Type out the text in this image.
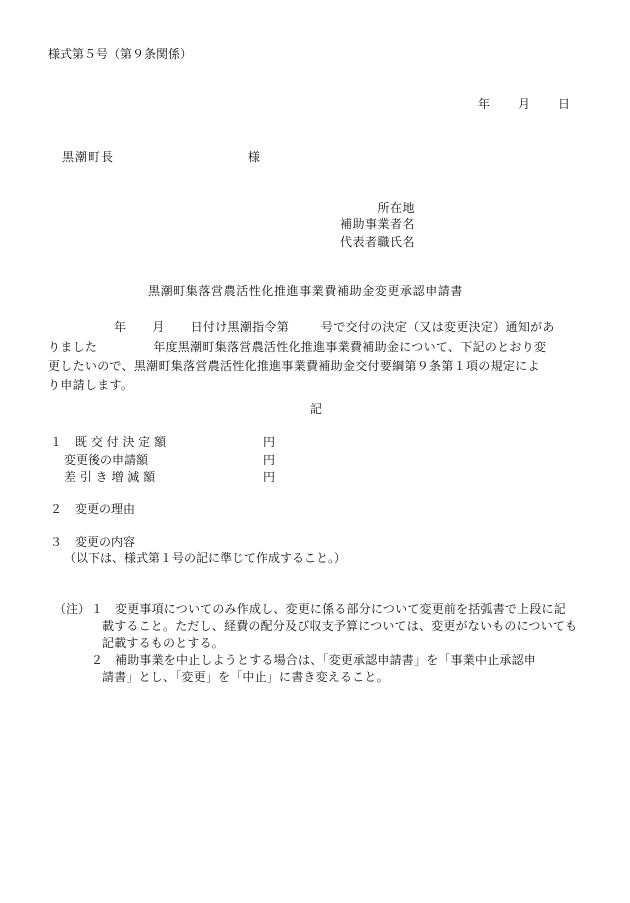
様式第５号（第９条関係）
年 月 日
黒潮町長	様
所在地
補助事業者名
代表者職氏名
黒潮町集落営農活性化推進事業費補助金変更承認申請書
年 月 日付け黒潮指令第	号で交付の決定（又は変更決定）通知があ
りました	年度黒潮町集落営農活性化推進事業費補助金について、下記のとおり変
更したいので、黒潮町集落営農活性化推進事業費補助金交付要綱第９条第１項の規定によ
り申請します。
記
１ 既 交 付 決 定 額	円
変更後の申請額	円
差 引 き 増 減 額	円
２ 変更の理由
３ 変更の内容
（以下は、様式第１号の記に準じて作成すること。）
（注） １ 変更事項についてのみ作成し、変更に係る部分について変更前を括弧書で上段に記
載すること。ただし、経費の配分及び収支予算については、変更がないものについても
記載するものとする。
２ 補助事業を中止しようとする場合は、「変更承認申請書」を「事業中止承認申
請書」とし、「変更」を「中止」に書き変えること。
